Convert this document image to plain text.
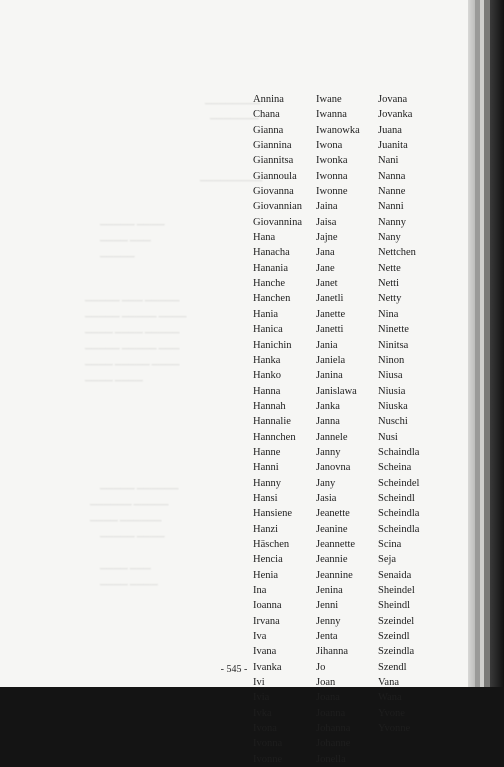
▁▁▁▁▁▁▁▁
▁▁▁▁▁▁▁
▁▁▁▁▁▁▁▁▁
▁▁▁▁▁ ▁▁▁▁
▁▁▁▁ ▁▁▁
▁▁▁▁▁
▁▁▁▁▁ ▁▁▁ ▁▁▁▁▁
▁▁▁▁▁ ▁▁▁▁▁ ▁▁▁▁
▁▁▁▁ ▁▁▁▁ ▁▁▁▁▁
▁▁▁▁▁ ▁▁▁▁▁ ▁▁▁
▁▁▁▁ ▁▁▁▁▁ ▁▁▁▁
▁▁▁▁ ▁▁▁▁
▁▁▁▁▁ ▁▁▁▁▁▁
▁▁▁▁▁▁ ▁▁▁▁▁
▁▁▁▁ ▁▁▁▁▁▁
▁▁▁▁▁ ▁▁▁▁
▁▁▁▁ ▁▁▁
▁▁▁▁ ▁▁▁▁
Annina
Chana
Gianna
Giannina
Giannitsa
Giannoula
Giovanna
Giovannian
Giovannina
Hana
Hanacha
Hanania
Hanche
Hanchen
Hania
Hanica
Hanichin
Hanka
Hanko
Hanna
Hannah
Hannalie
Hannchen
Hanne
Hanni
Hanny
Hansi
Hansiene
Hanzi
Häschen
Hencia
Henia
Ina
Ioanna
Irvana
Iva
Ivana
Ivanka
Ivi
Ivia
Ivka
Ivona
Ivonna
Ivonne
Iwane
Iwanna
Iwanowka
Iwona
Iwonka
Iwonna
Iwonne
Jaina
Jaisa
Jajne
Jana
Jane
Janet
Janetli
Janette
Janetti
Jania
Janiela
Janina
Janislawa
Janka
Janna
Jannele
Janny
Janovna
Jany
Jasia
Jeanette
Jeanine
Jeannette
Jeannie
Jeannine
Jenina
Jenni
Jenny
Jenta
Jihanna
Jo
Joan
Joana
Joanna
Johanna
Johanne
Jonella
Jovana
Jovanka
Juana
Juanita
Nani
Nanna
Nanne
Nanni
Nanny
Nany
Nettchen
Nette
Netti
Netty
Nina
Ninette
Ninitsa
Ninon
Niusa
Niusia
Niuska
Nuschi
Nusi
Schaindla
Scheina
Scheindel
Scheindl
Scheindla
Scheindla
Scina
Seja
Senaida
Sheindel
Sheindl
Szeindel
Szeindl
Szeindla
Szendl
Vana
Wana
Yvone
Yvonne
- 545 -
